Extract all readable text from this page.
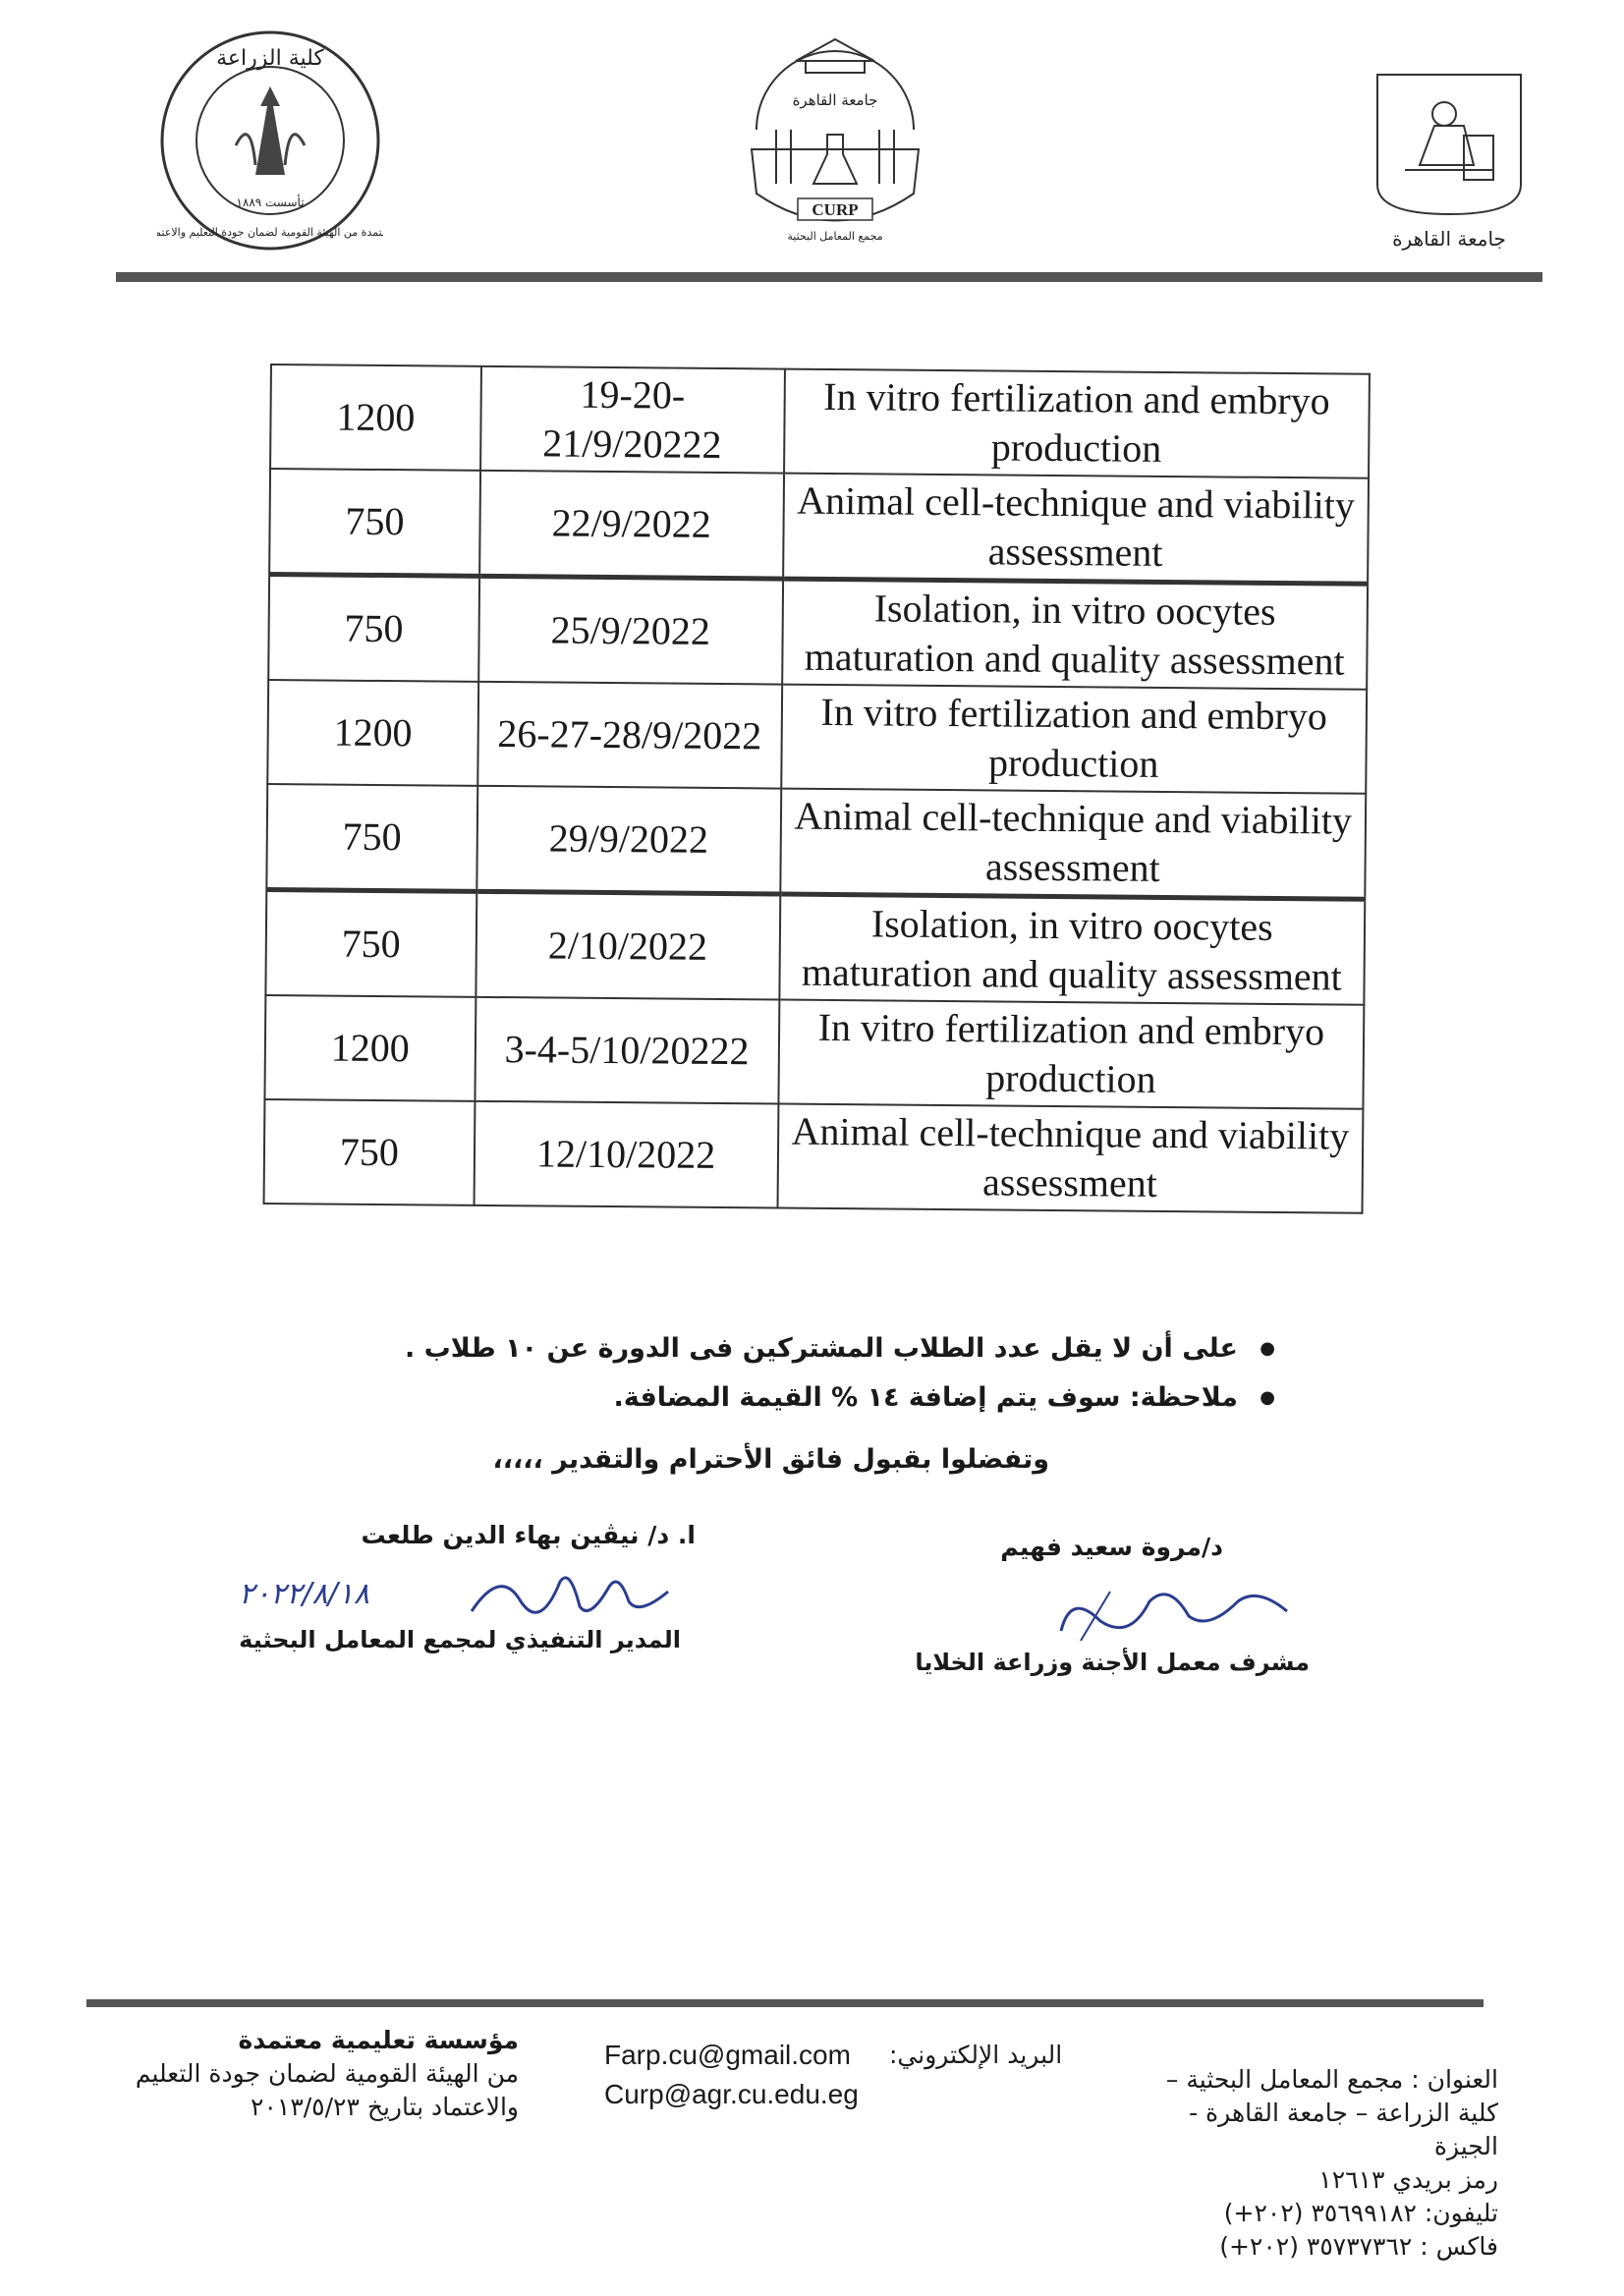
كلية الزراعة
تأسست ١٨٨٩
معتمدة من الهيئة القومية لضمان جودة التعليم والاعتماد
جامعة القاهرة
CURP
مجمع المعامل البحثية	جامعة القاهرة
1200	19-20-21/9/20222	In vitro fertilization and embryo production
750	22/9/2022	Animal cell-technique and viability assessment
750	25/9/2022	Isolation, in vitro oocytes maturation and quality assessment
1200	26-27-28/9/2022	In vitro fertilization and embryo production
750	29/9/2022	Animal cell-technique and viability assessment
750	2/10/2022	Isolation, in vitro oocytes maturation and quality assessment
1200	3-4-5/10/20222	In vitro fertilization and embryo production
750	12/10/2022	Animal cell-technique and viability assessment
● على أن لا يقل عدد الطلاب المشتركين فى الدورة عن ١٠ طلاب .
● ملاحظة: سوف يتم إضافة ١٤ % القيمة المضافة.
وتفضلوا بقبول فائق الأحترام والتقدير ،،،،،
ا. د/ نيڤين بهاء الدين طلعت
٢٠٢٢/٨/١٨
المدير التنفيذي لمجمع المعامل البحثية
د/مروة سعيد فهيم
مشرف معمل الأجنة وزراعة الخلايا
مؤسسة تعليمية معتمدة
من الهيئة القومية لضمان جودة التعليم
والاعتماد بتاريخ ٢٠١٣/٥/٢٣
البريد الإلكتروني:
Farp.cu@gmail.com
Curp@agr.cu.edu.eg	العنوان : مجمع المعامل البحثية –
كلية الزراعة – جامعة القاهرة -
الجيزة
رمز بريدي ١٢٦١٣
تليفون: ٣٥٦٩٩١٨٢ (٢٠٢+)
فاكس : ٣٥٧٣٧٣٦٢ (٢٠٢+)
